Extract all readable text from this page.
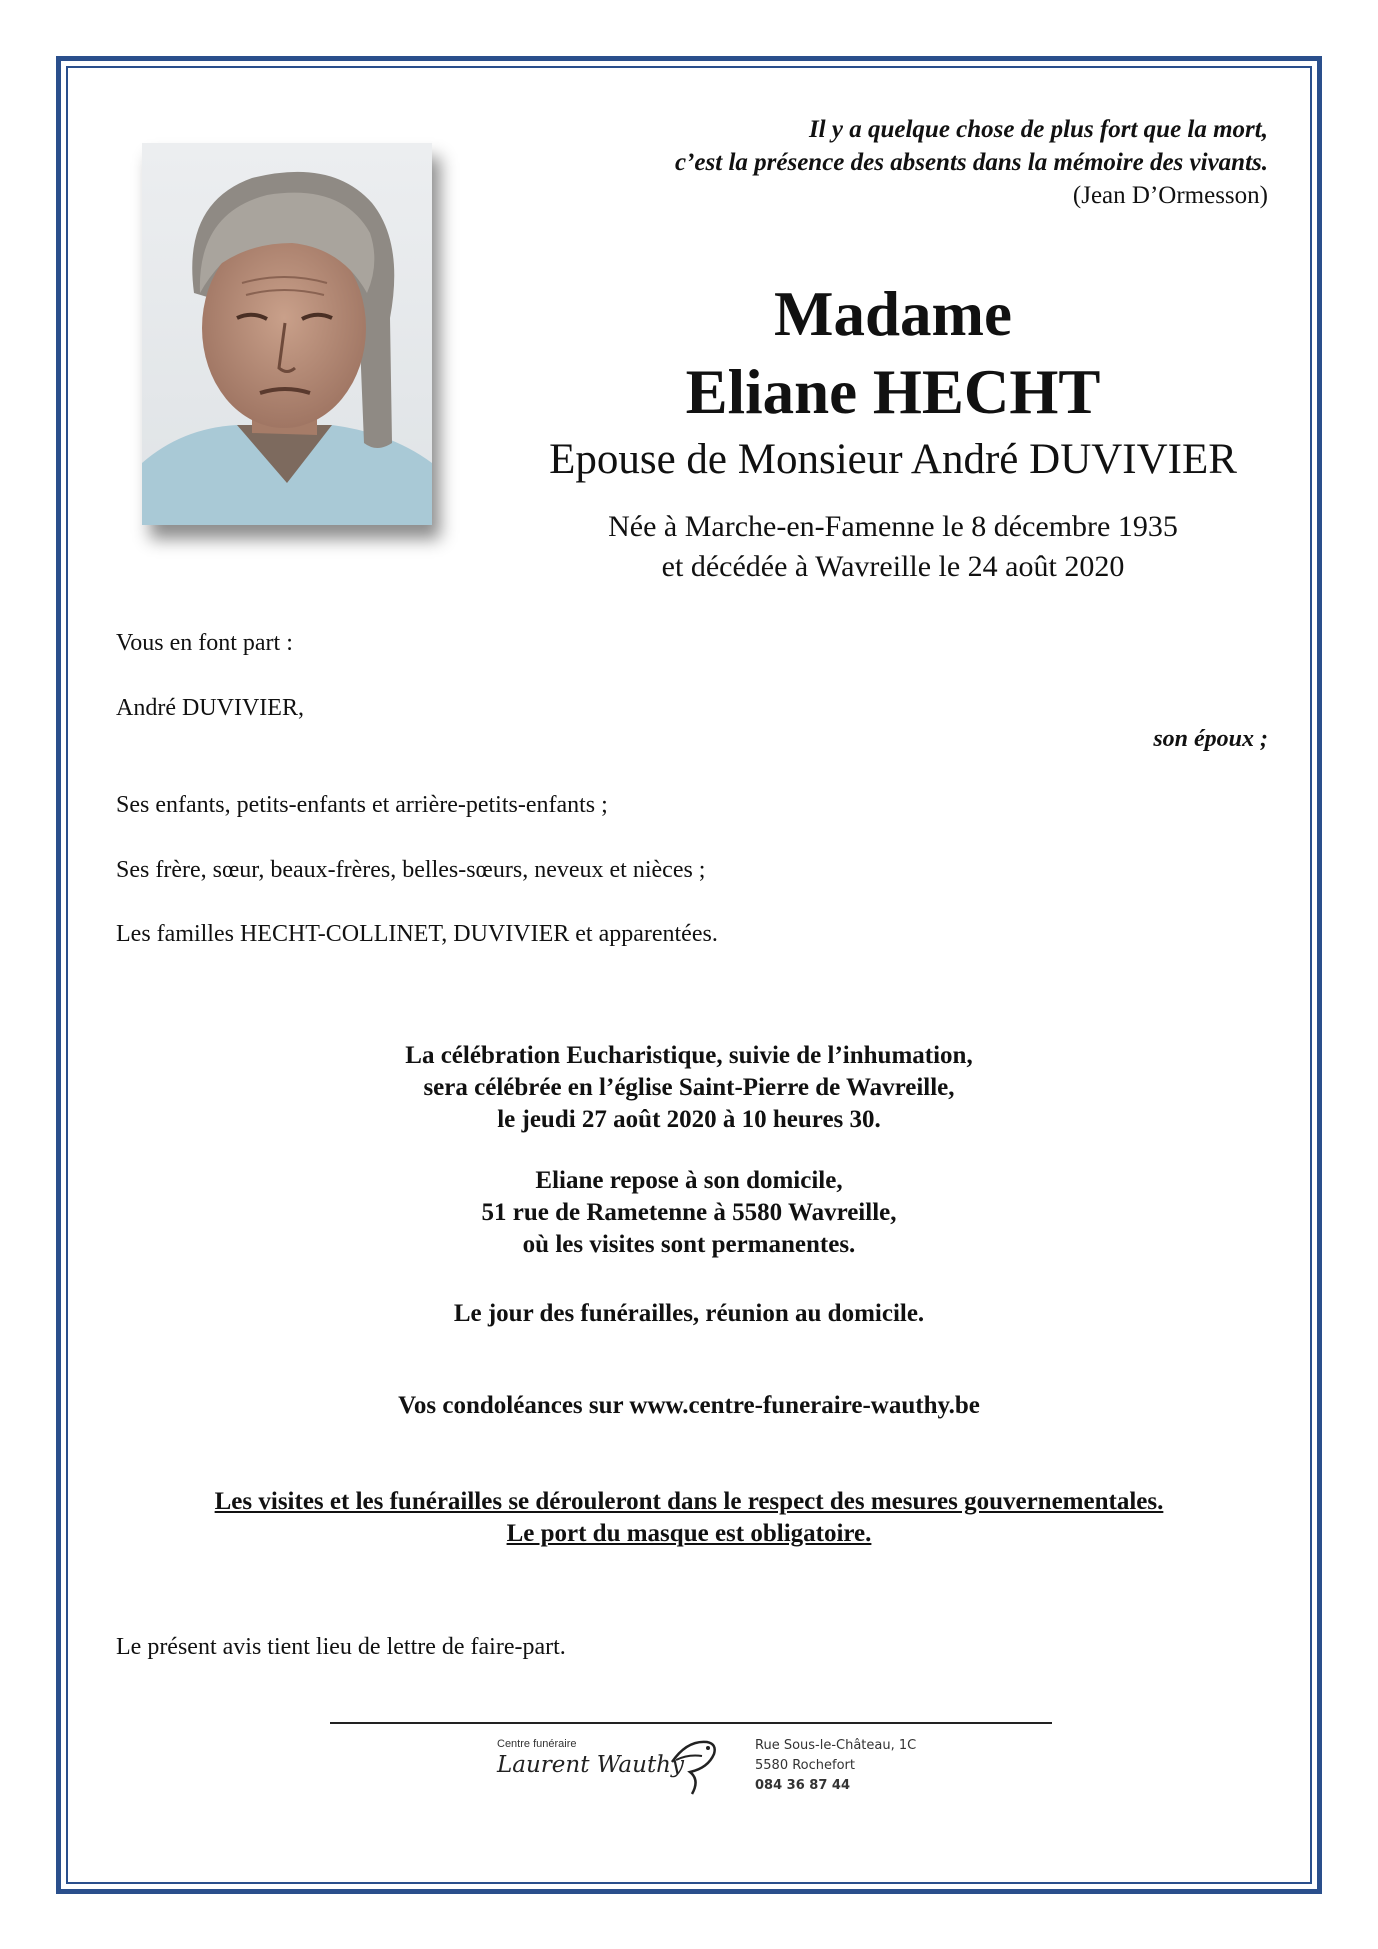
Il y a quelque chose de plus fort que la mort,
c’est la présence des absents dans la mémoire des vivants.
(Jean D’Ormesson)
Madame
Eliane HECHT
Epouse de Monsieur André DUVIVIER
Née à Marche-en-Famenne le 8 décembre 1935
et décédée à Wavreille le 24 août 2020
Vous en font part :
André DUVIVIER,
son époux ;
Ses enfants, petits-enfants et arrière-petits-enfants ;
Ses frère, sœur, beaux-frères, belles-sœurs, neveux et nièces ;
Les familles HECHT-COLLINET, DUVIVIER et apparentées.
La célébration Eucharistique, suivie de l’inhumation,
sera célébrée en l’église Saint-Pierre de Wavreille,
le jeudi 27 août 2020 à 10 heures 30.
Eliane repose à son domicile,
51 rue de Rametenne à 5580 Wavreille,
où les visites sont permanentes.
Le jour des funérailles, réunion au domicile.
Vos condoléances sur www.centre-funeraire-wauthy.be
Les visites et les funérailles se dérouleront dans le respect des mesures gouvernementales.
Le port du masque est obligatoire.
Le présent avis tient lieu de lettre de faire-part.
Centre funéraire
Laurent Wauthy
Rue Sous-le-Château, 1C
5580 Rochefort
084 36 87 44
